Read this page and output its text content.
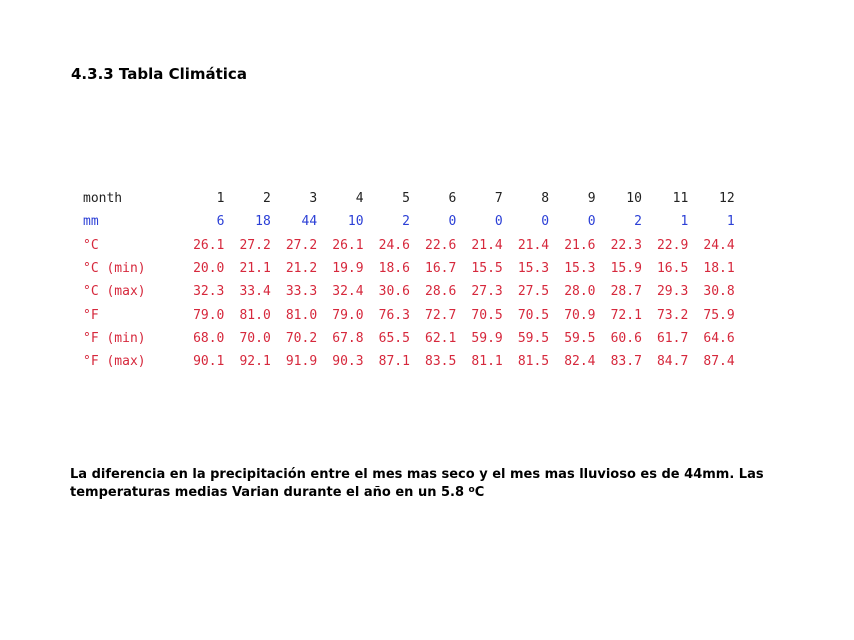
4.3.3 Tabla Climática
month	1	2	3	4	5	6	7	8	9	10	11	12
mm	6	18	44	10	2	0	0	0	0	2	1	1
°C	26.1	27.2	27.2	26.1	24.6	22.6	21.4	21.4	21.6	22.3	22.9	24.4
°C (min)	20.0	21.1	21.2	19.9	18.6	16.7	15.5	15.3	15.3	15.9	16.5	18.1
°C (max)	32.3	33.4	33.3	32.4	30.6	28.6	27.3	27.5	28.0	28.7	29.3	30.8
°F	79.0	81.0	81.0	79.0	76.3	72.7	70.5	70.5	70.9	72.1	73.2	75.9
°F (min)	68.0	70.0	70.2	67.8	65.5	62.1	59.9	59.5	59.5	60.6	61.7	64.6
°F (max)	90.1	92.1	91.9	90.3	87.1	83.5	81.1	81.5	82.4	83.7	84.7	87.4

La diferencia en la precipitación entre el mes mas seco y el mes mas lluvioso es de 44mm. Las temperaturas medias Varian durante el año en un 5.8 $^o$C
